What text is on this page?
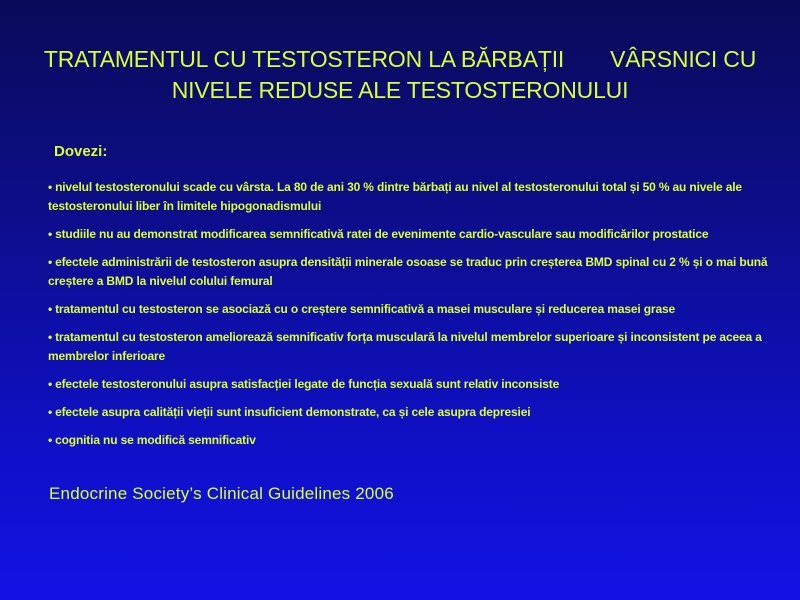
TRATAMENTUL CU TESTOSTERON LA BĂRBAȚII VÂRSNICI CU
NIVELE REDUSE ALE TESTOSTERONULUI

Dovezi:

• nivelul testosteronului scade cu vârsta. La 80 de ani 30 % dintre bărbați au nivel al testosteronului total și 50 % au nivele ale testosteronului liber în limitele hipogonadismului
• studiile nu au demonstrat modificarea semnificativă ratei de evenimente cardio-vasculare sau modificărilor prostatice
• efectele administrării de testosteron asupra densității minerale osoase se traduc prin creșterea BMD spinal cu 2 % și o mai bună creștere a BMD la nivelul colului femural
• tratamentul cu testosteron se asociază cu o creștere semnificativă a masei musculare și reducerea masei grase
• tratamentul cu testosteron ameliorează semnificativ forța musculară la nivelul membrelor superioare și inconsistent pe aceea a membrelor inferioare
• efectele testosteronului asupra satisfacției legate de funcția sexuală sunt relativ inconsiste
• efectele asupra calității vieții sunt insuficient demonstrate, ca și cele asupra depresiei
• cognitia nu se modifică semnificativ

Endocrine Society’s Clinical Guidelines 2006
